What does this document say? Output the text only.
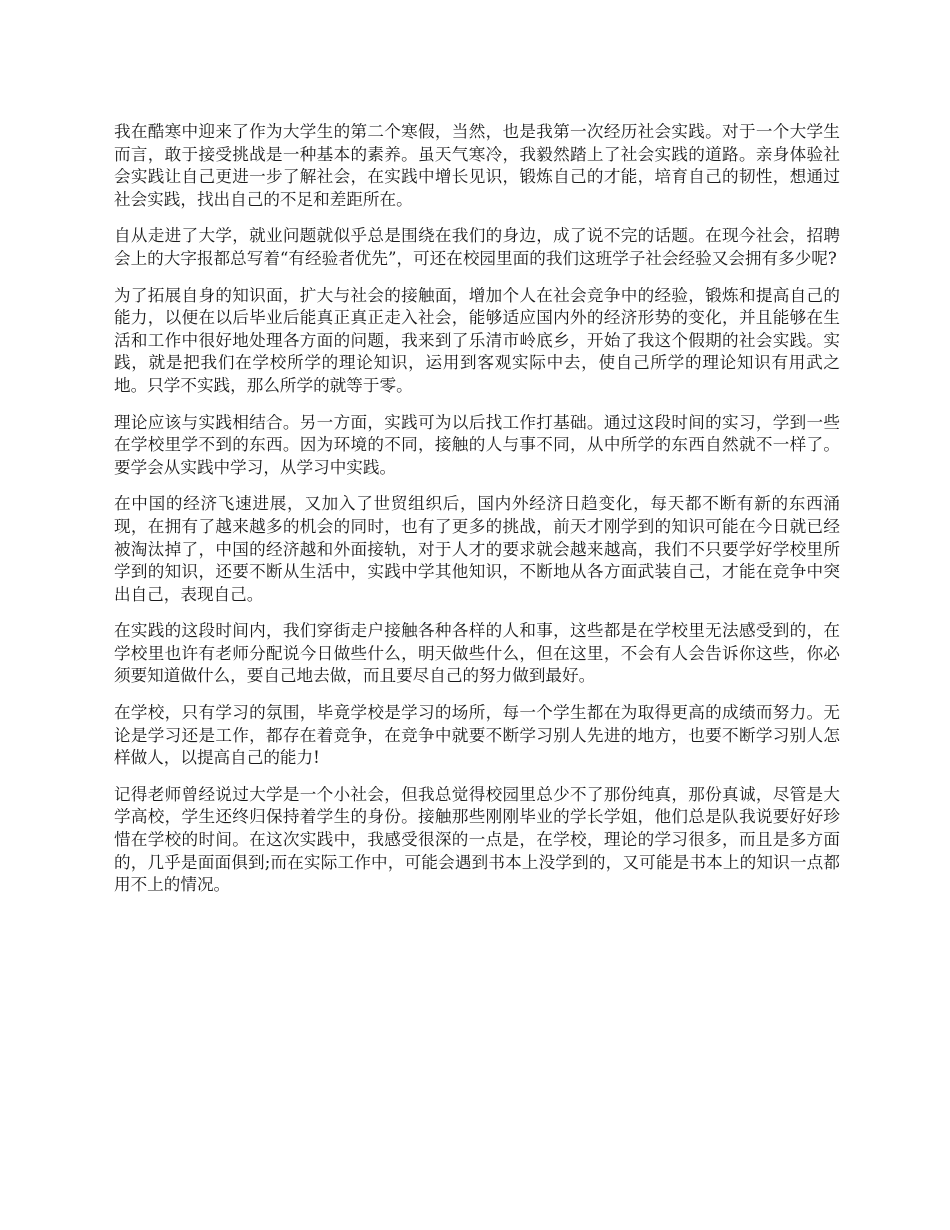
我在酷寒中迎来了作为大学生的第二个寒假，当然，也是我第一次经历社会实践。对于一个大学生而言，敢于接受挑战是一种基本的素养。虽天气寒冷，我毅然踏上了社会实践的道路。亲身体验社会实践让自己更进一步了解社会，在实践中增长见识，锻炼自己的才能，培育自己的韧性，想通过社会实践，找出自己的不足和差距所在。

自从走进了大学，就业问题就似乎总是围绕在我们的身边，成了说不完的话题。在现今社会，招聘会上的大字报都总写着“有经验者优先”，可还在校园里面的我们这班学子社会经验又会拥有多少呢?

为了拓展自身的知识面，扩大与社会的接触面，增加个人在社会竞争中的经验，锻炼和提高自己的能力，以便在以后毕业后能真正真正走入社会，能够适应国内外的经济形势的变化，并且能够在生活和工作中很好地处理各方面的问题，我来到了乐清市岭底乡，开始了我这个假期的社会实践。实践，就是把我们在学校所学的理论知识，运用到客观实际中去，使自己所学的理论知识有用武之地。只学不实践，那么所学的就等于零。

理论应该与实践相结合。另一方面，实践可为以后找工作打基础。通过这段时间的实习，学到一些在学校里学不到的东西。因为环境的不同，接触的人与事不同，从中所学的东西自然就不一样了。要学会从实践中学习，从学习中实践。

在中国的经济飞速进展，又加入了世贸组织后，国内外经济日趋变化，每天都不断有新的东西涌现，在拥有了越来越多的机会的同时，也有了更多的挑战，前天才刚学到的知识可能在今日就已经被淘汰掉了，中国的经济越和外面接轨，对于人才的要求就会越来越高，我们不只要学好学校里所学到的知识，还要不断从生活中，实践中学其他知识，不断地从各方面武装自己，才能在竞争中突出自己，表现自己。

在实践的这段时间内，我们穿街走户接触各种各样的人和事，这些都是在学校里无法感受到的，在学校里也许有老师分配说今日做些什么，明天做些什么，但在这里，不会有人会告诉你这些，你必须要知道做什么，要自己地去做，而且要尽自己的努力做到最好。

在学校，只有学习的氛围，毕竟学校是学习的场所，每一个学生都在为取得更高的成绩而努力。无论是学习还是工作，都存在着竞争，在竞争中就要不断学习别人先进的地方，也要不断学习别人怎样做人，以提高自己的能力!

记得老师曾经说过大学是一个小社会，但我总觉得校园里总少不了那份纯真，那份真诚，尽管是大学高校，学生还终归保持着学生的身份。接触那些刚刚毕业的学长学姐，他们总是队我说要好好珍惜在学校的时间。在这次实践中，我感受很深的一点是，在学校，理论的学习很多，而且是多方面的，几乎是面面俱到;而在实际工作中，可能会遇到书本上没学到的，又可能是书本上的知识一点都用不上的情况。
